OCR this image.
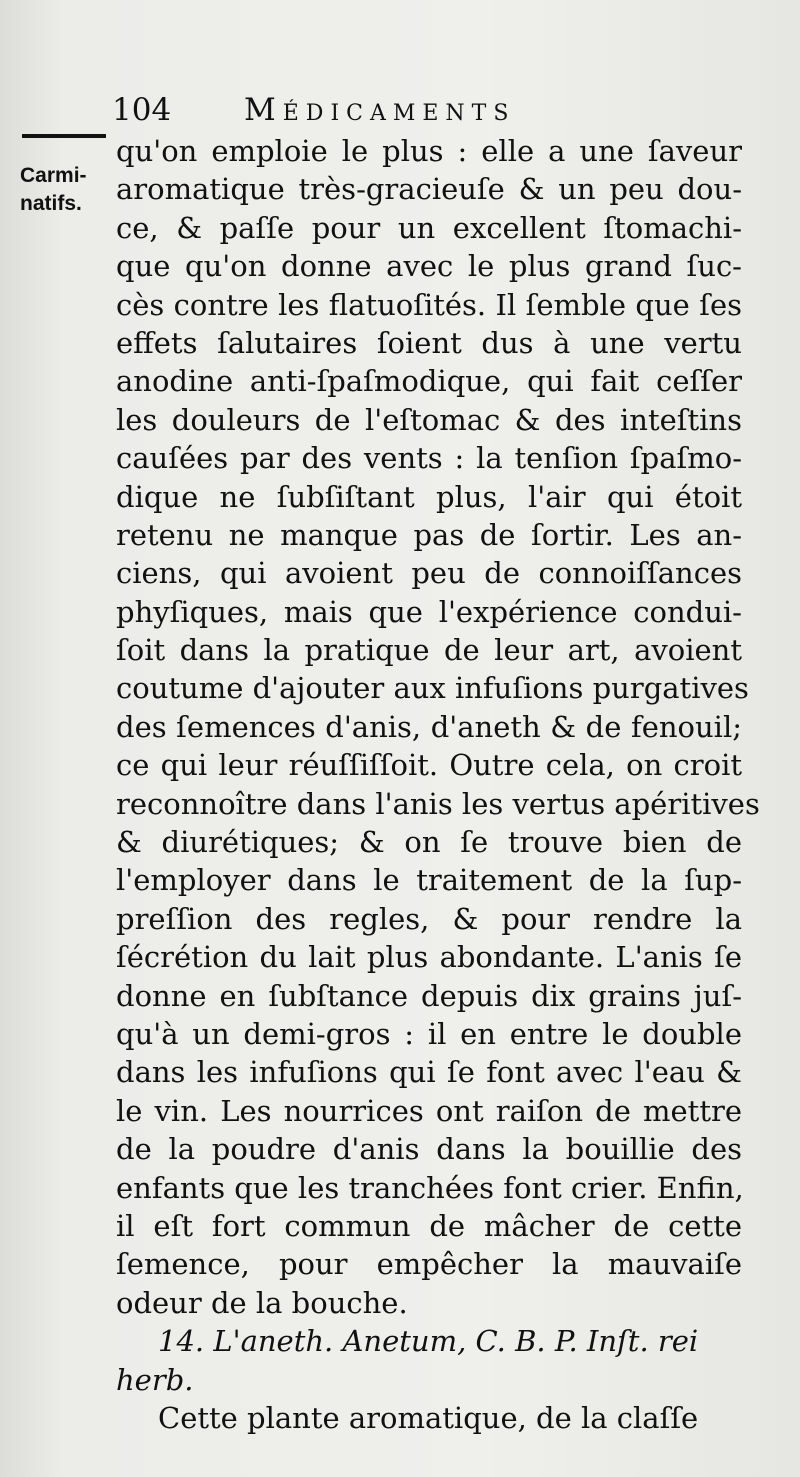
104 Médicaments
Carmi-
natifs.
qu'on emploie le plus : elle a une ſaveur
aromatique très-gracieuſe & un peu dou-
ce, & paſſe pour un excellent ſtomachi-
que qu'on donne avec le plus grand ſuc-
cès contre les flatuoſités. Il ſemble que ſes
effets ſalutaires ſoient dus à une vertu
anodine anti-ſpaſmodique, qui fait ceſſer
les douleurs de l'eſtomac & des inteſtins
cauſées par des vents : la tenſion ſpaſmo-
dique ne ſubſiſtant plus, l'air qui étoit
retenu ne manque pas de ſortir. Les an-
ciens, qui avoient peu de connoiſſances
phyſiques, mais que l'expérience condui-
ſoit dans la pratique de leur art, avoient
coutume d'ajouter aux infuſions purgatives
des ſemences d'anis, d'aneth & de fenouil;
ce qui leur réuſſiſſoit. Outre cela, on croit
reconnoître dans l'anis les vertus apéritives
& diurétiques; & on ſe trouve bien de
l'employer dans le traitement de la ſup-
preſſion des regles, & pour rendre la
ſécrétion du lait plus abondante. L'anis ſe
donne en ſubſtance depuis dix grains juſ-
qu'à un demi-gros : il en entre le double
dans les infuſions qui ſe font avec l'eau &
le vin. Les nourrices ont raiſon de mettre
de la poudre d'anis dans la bouillie des
enfants que les tranchées font crier. Enfin,
il eſt fort commun de mâcher de cette
ſemence, pour empêcher la mauvaiſe
odeur de la bouche.
14. L'aneth. Anetum, C. B. P. Inſt. rei
herb.
Cette plante aromatique, de la claſſe
